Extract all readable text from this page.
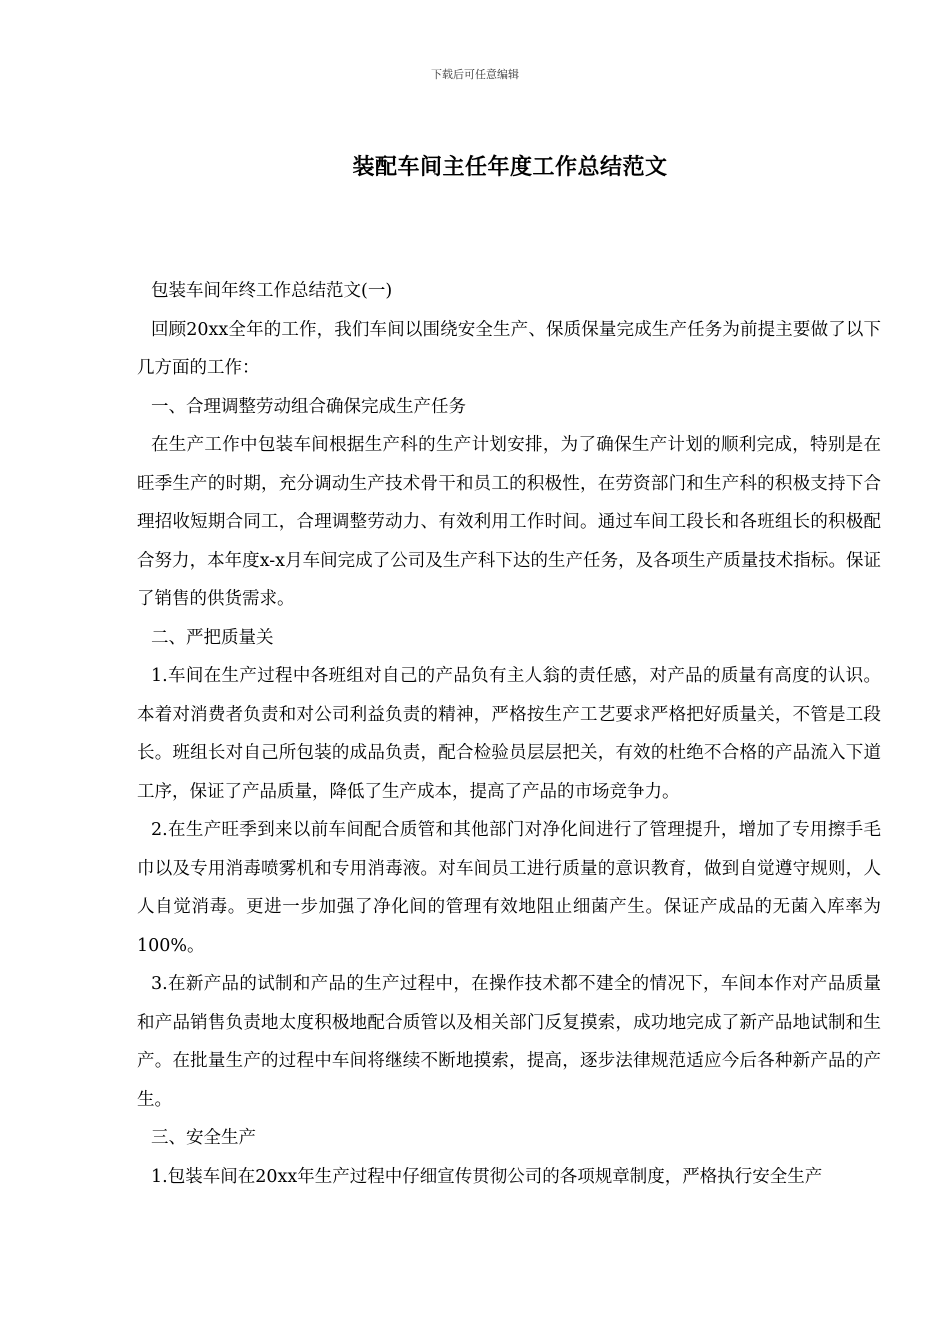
下载后可任意编辑
装配车间主任年度工作总结范文

包装车间年终工作总结范文(一)

回顾20xx全年的工作，我们车间以围绕安全生产、保质保量完成生产任务为前提主要做了以下几方面的工作：

一、合理调整劳动组合确保完成生产任务

在生产工作中包装车间根据生产科的生产计划安排，为了确保生产计划的顺利完成，特别是在旺季生产的时期，充分调动生产技术骨干和员工的积极性，在劳资部门和生产科的积极支持下合理招收短期合同工，合理调整劳动力、有效利用工作时间。通过车间工段长和各班组长的积极配合努力，本年度x-x月车间完成了公司及生产科下达的生产任务，及各项生产质量技术指标。保证了销售的供货需求。

二、严把质量关

1.车间在生产过程中各班组对自己的产品负有主人翁的责任感，对产品的质量有高度的认识。本着对消费者负责和对公司利益负责的精神，严格按生产工艺要求严格把好质量关，不管是工段长。班组长对自己所包装的成品负责，配合检验员层层把关，有效的杜绝不合格的产品流入下道工序，保证了产品质量，降低了生产成本，提高了产品的市场竞争力。

2.在生产旺季到来以前车间配合质管和其他部门对净化间进行了管理提升，增加了专用擦手毛巾以及专用消毒喷雾机和专用消毒液。对车间员工进行质量的意识教育，做到自觉遵守规则，人人自觉消毒。更进一步加强了净化间的管理有效地阻止细菌产生。保证产成品的无菌入库率为100%。

3.在新产品的试制和产品的生产过程中，在操作技术都不建全的情况下，车间本作对产品质量和产品销售负责地太度积极地配合质管以及相关部门反复摸索，成功地完成了新产品地试制和生产。在批量生产的过程中车间将继续不断地摸索，提高，逐步法律规范适应今后各种新产品的产生。

三、安全生产

1.包装车间在20xx年生产过程中仔细宣传贯彻公司的各项规章制度，严格执行安全生产
